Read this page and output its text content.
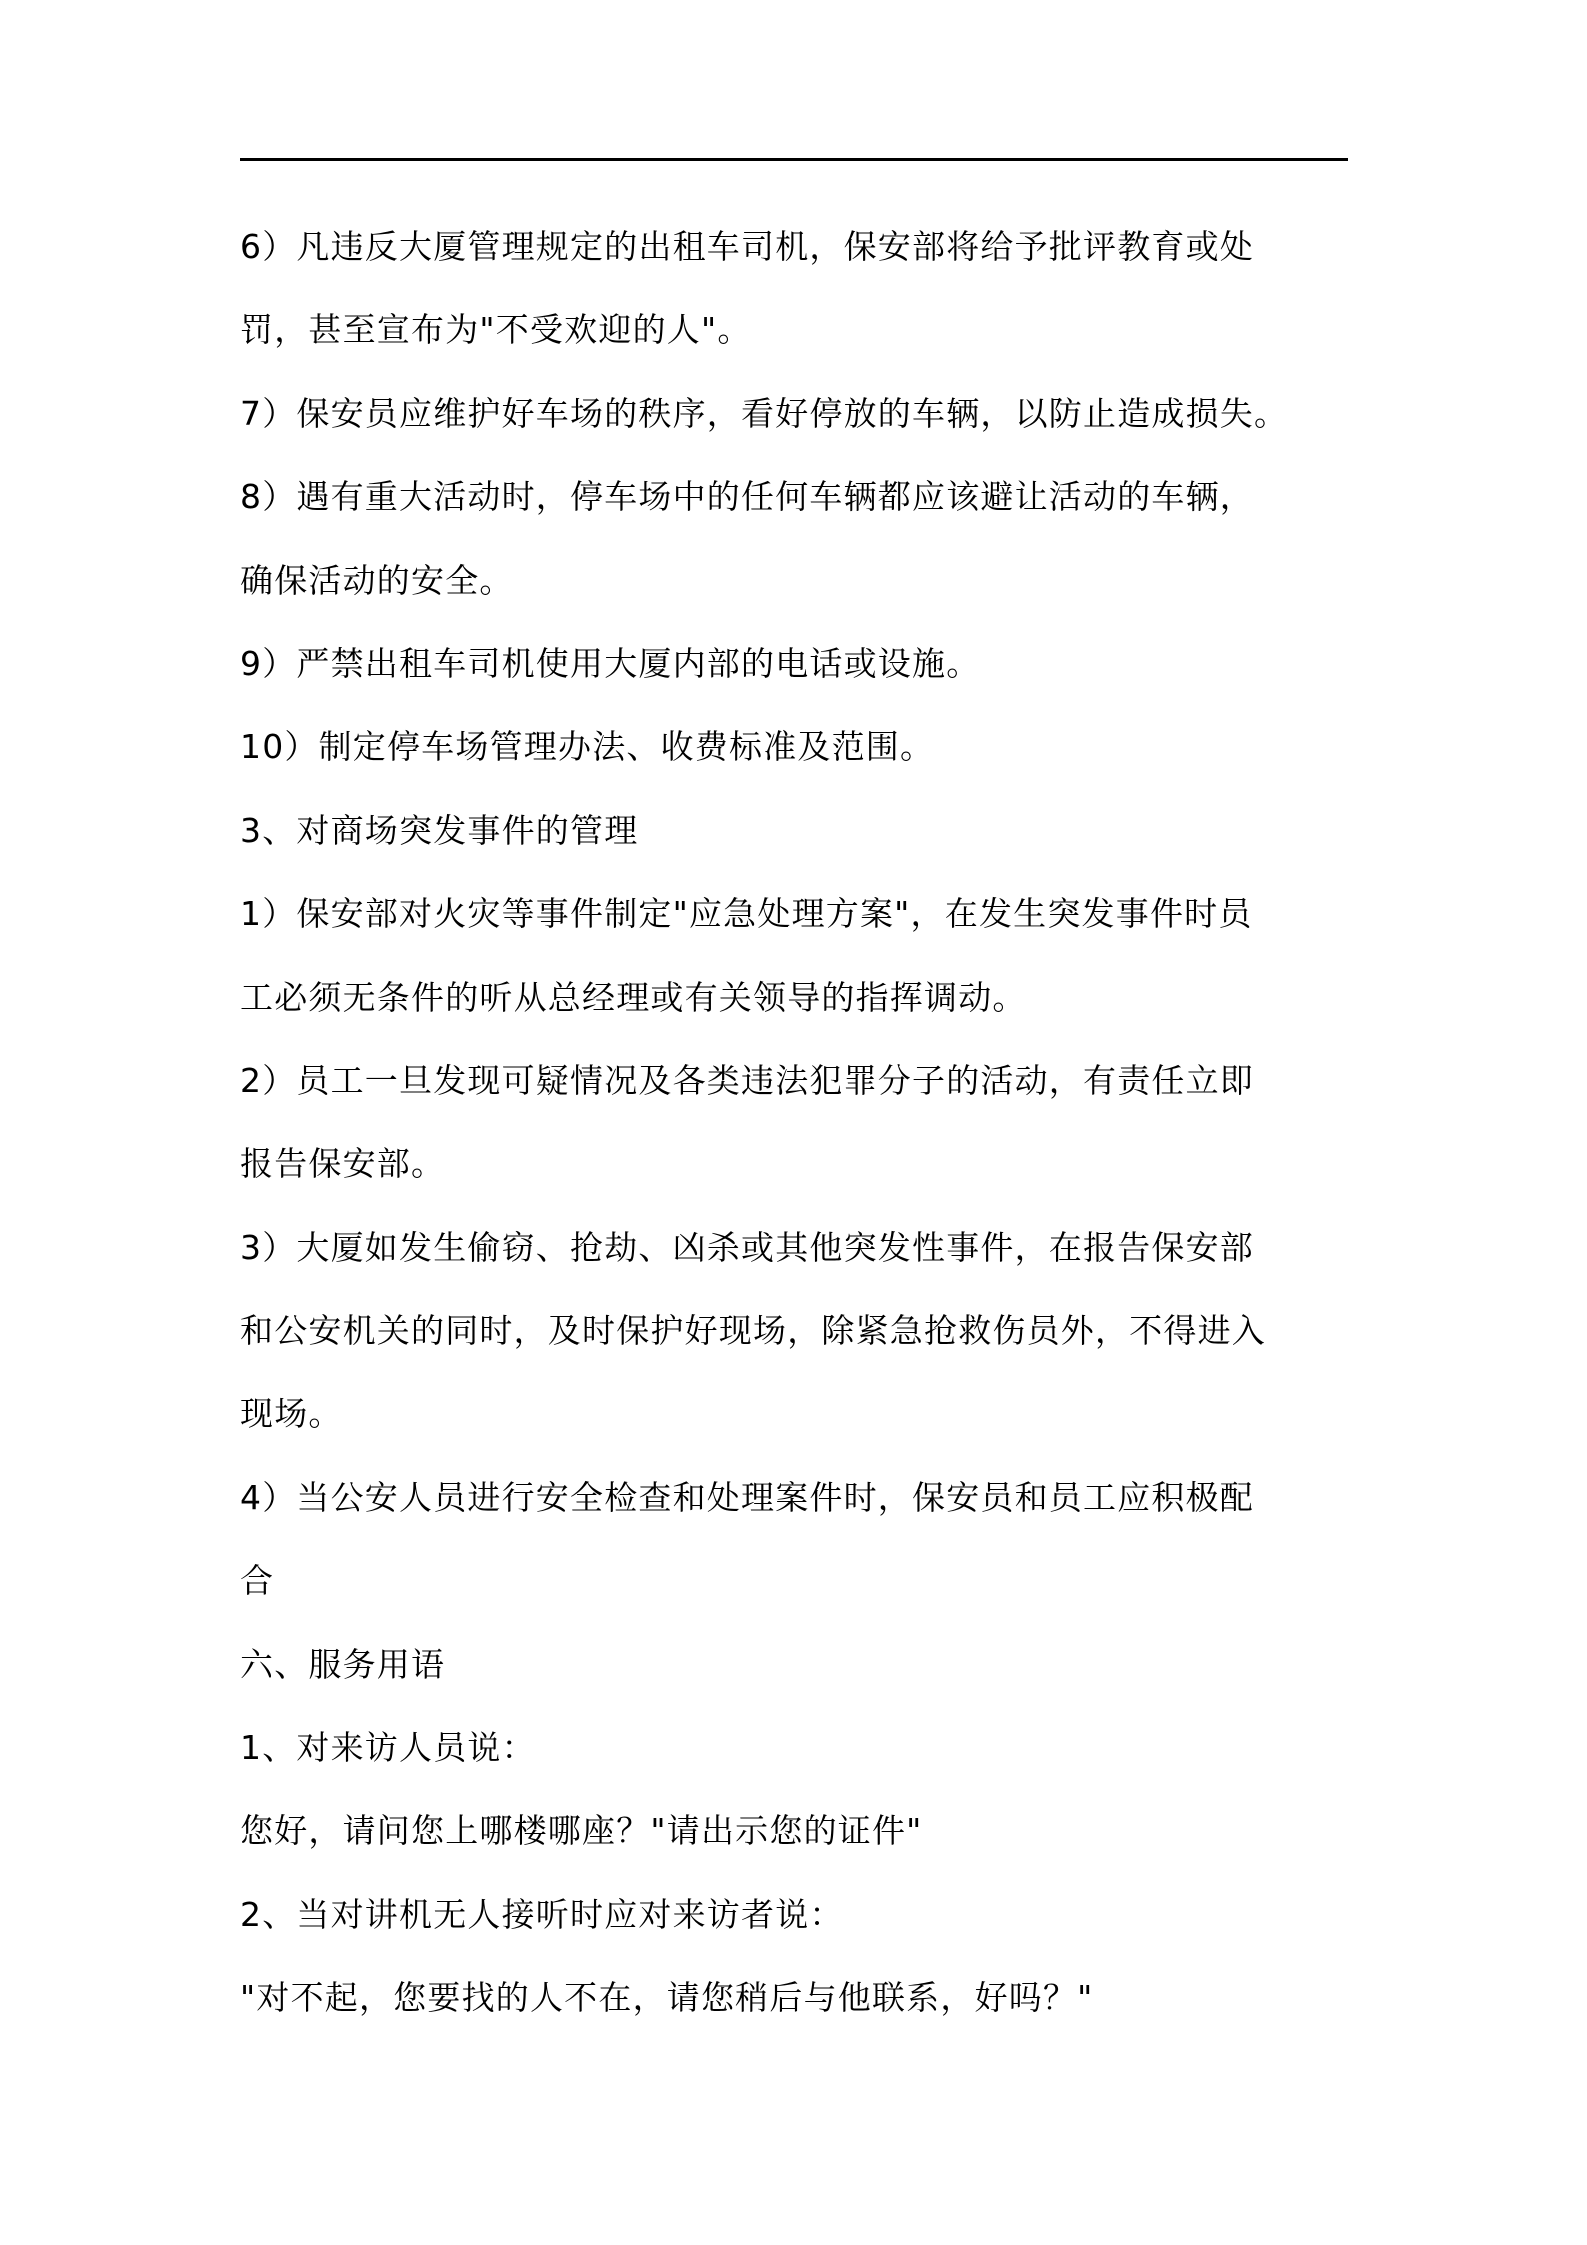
6）凡违反大厦管理规定的出租车司机，保安部将给予批评教育或处
罚，甚至宣布为"不受欢迎的人"。
7）保安员应维护好车场的秩序，看好停放的车辆，以防止造成损失。
8）遇有重大活动时，停车场中的任何车辆都应该避让活动的车辆，
确保活动的安全。
9）严禁出租车司机使用大厦内部的电话或设施。
10）制定停车场管理办法、收费标准及范围。
3、对商场突发事件的管理
1）保安部对火灾等事件制定"应急处理方案"，在发生突发事件时员
工必须无条件的听从总经理或有关领导的指挥调动。
2）员工一旦发现可疑情况及各类违法犯罪分子的活动，有责任立即
报告保安部。
3）大厦如发生偷窃、抢劫、凶杀或其他突发性事件，在报告保安部
和公安机关的同时，及时保护好现场，除紧急抢救伤员外，不得进入
现场。
4）当公安人员进行安全检查和处理案件时，保安员和员工应积极配
合
六、服务用语
1、对来访人员说：
您好，请问您上哪楼哪座？"请出示您的证件"
2、当对讲机无人接听时应对来访者说：
"对不起，您要找的人不在，请您稍后与他联系，好吗？"
